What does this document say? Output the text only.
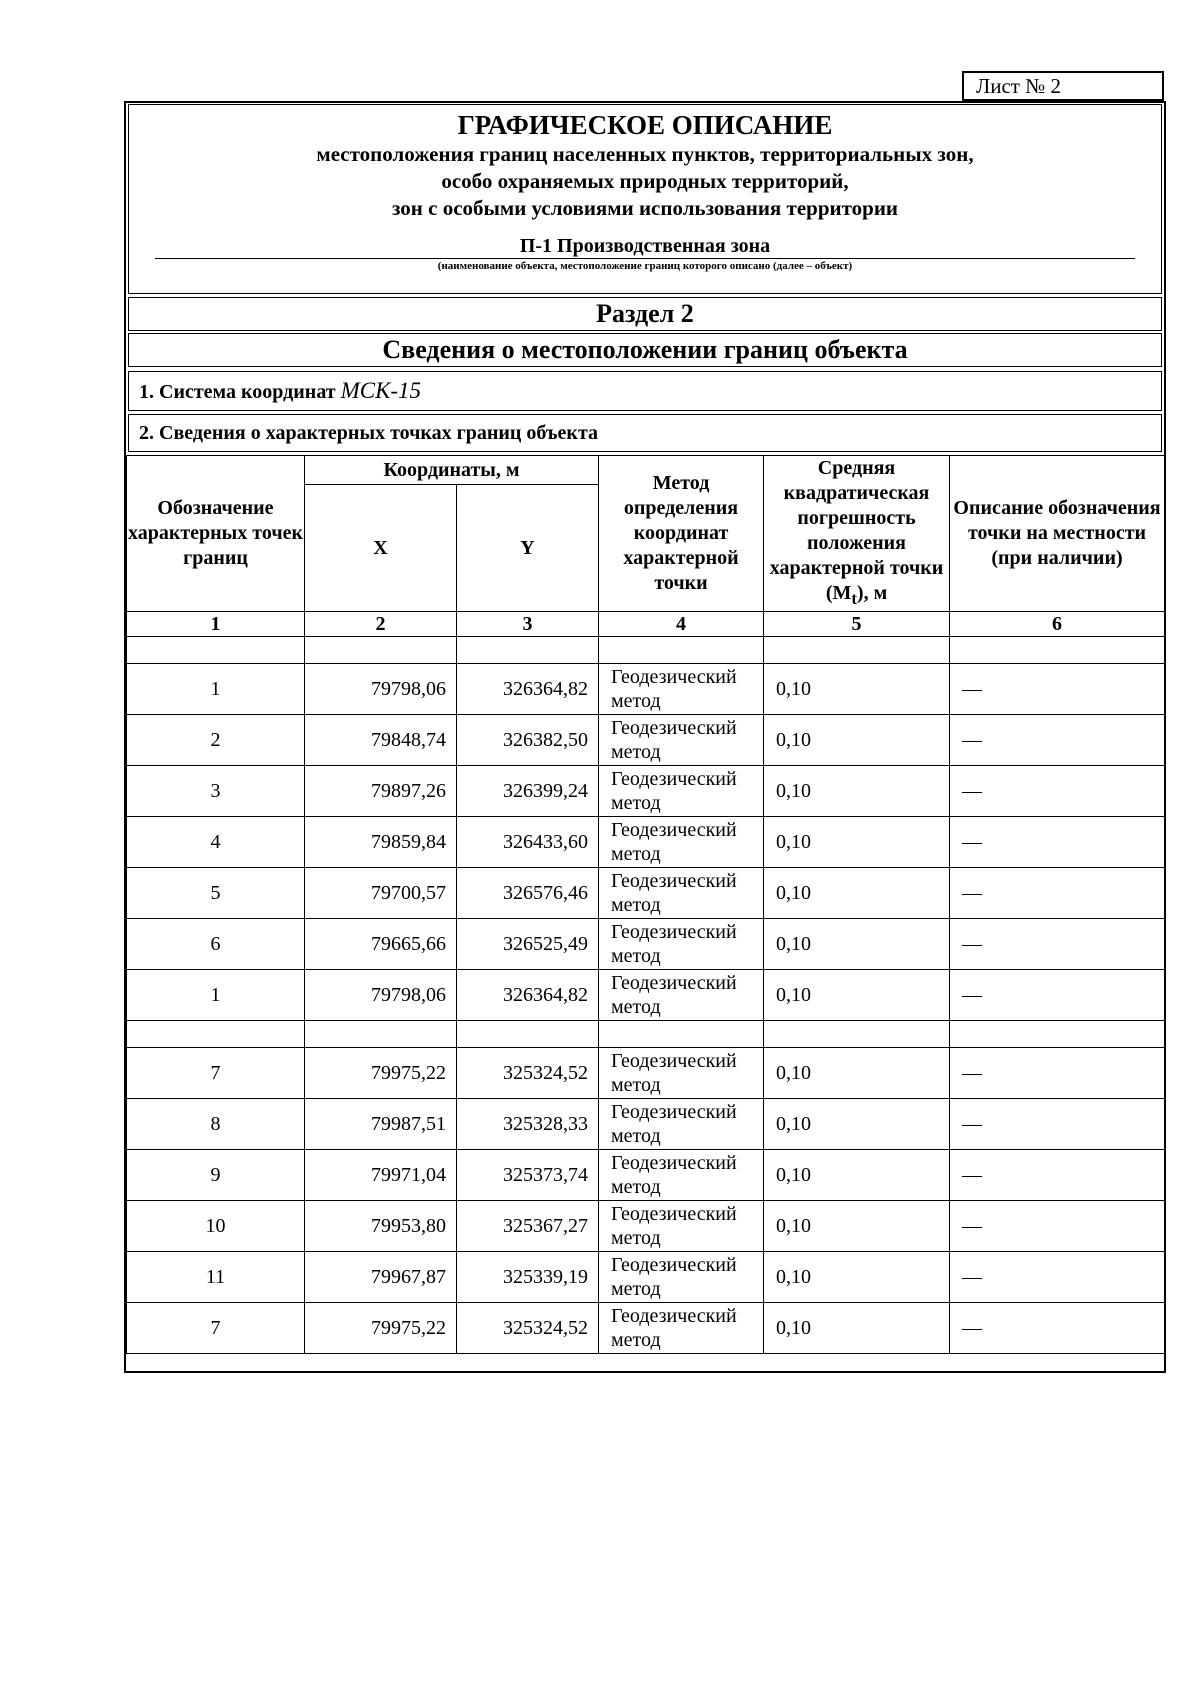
Лист № 2
ГРАФИЧЕСКОЕ ОПИСАНИЕ
местоположения границ населенных пунктов, территориальных зон,
особо охраняемых природных территорий,
зон с особыми условиями использования территории
П-1 Производственная зона
(наименование объекта, местоположение границ которого описано (далее – объект)
Раздел 2
Сведения о местоположении границ объекта
1. Система координат МСК-15
2. Сведения о характерных точках границ объекта
Обозначение характерных точек границ	Координаты, м		Метод определения координат характерной точки	Средняя квадратическая погрешность положения характерной точки $(M_t)$, м	Описание обозначения точки на местности (при наличии)
	X	Y			
1	2	3	4	5	6

1	79798,06	326364,82	Геодезический метод	0,10	—
2	79848,74	326382,50	Геодезический метод	0,10	—
3	79897,26	326399,24	Геодезический метод	0,10	—
4	79859,84	326433,60	Геодезический метод	0,10	—
5	79700,57	326576,46	Геодезический метод	0,10	—
6	79665,66	326525,49	Геодезический метод	0,10	—
1	79798,06	326364,82	Геодезический метод	0,10	—

7	79975,22	325324,52	Геодезический метод	0,10	—
8	79987,51	325328,33	Геодезический метод	0,10	—
9	79971,04	325373,74	Геодезический метод	0,10	—
10	79953,80	325367,27	Геодезический метод	0,10	—
11	79967,87	325339,19	Геодезический метод	0,10	—
7	79975,22	325324,52	Геодезический метод	0,10	—
